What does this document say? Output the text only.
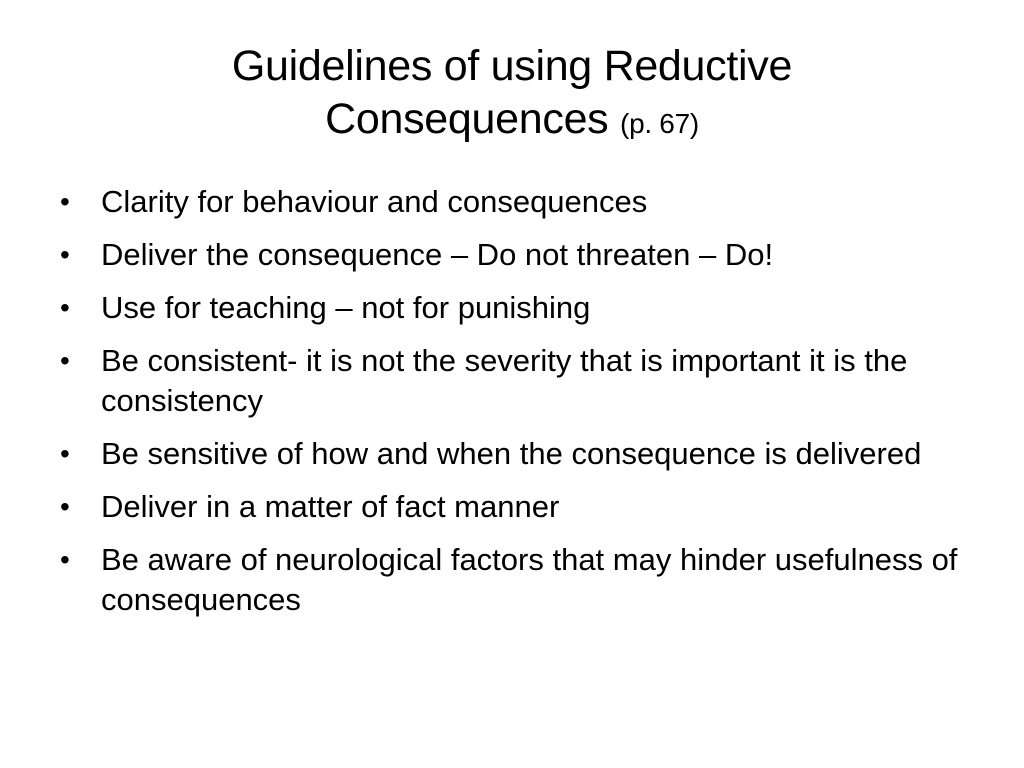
Guidelines of using Reductive
Consequences (p. 67)
• Clarity for behaviour and consequences
• Deliver the consequence – Do not threaten – Do!
• Use for teaching – not for punishing
• Be consistent- it is not the severity that is important it is the consistency
• Be sensitive of how and when the consequence is delivered
• Deliver in a matter of fact manner
• Be aware of neurological factors that may hinder usefulness of consequences
